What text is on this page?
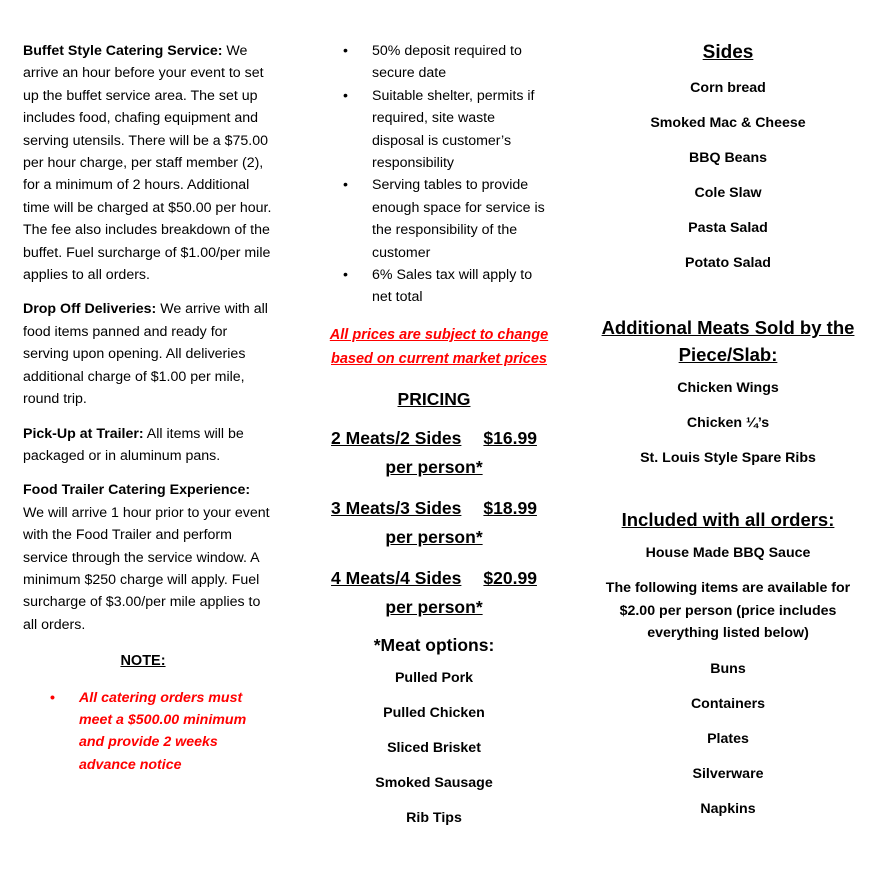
Buffet Style Catering Service: We arrive an hour before your event to set up the buffet service area. The set up includes food, chafing equipment and serving utensils. There will be a $75.00 per hour charge, per staff member (2), for a minimum of 2 hours. Additional time will be charged at $50.00 per hour. The fee also includes breakdown of the buffet. Fuel surcharge of $1.00/per mile applies to all orders.

Drop Off Deliveries: We arrive with all food items panned and ready for serving upon opening. All deliveries additional charge of $1.00 per mile, round trip.

Pick-Up at Trailer: All items will be packaged or in aluminum pans.

Food Trailer Catering Experience: We will arrive 1 hour prior to your event with the Food Trailer and perform service through the service window. A minimum $250 charge will apply. Fuel surcharge of $3.00/per mile applies to all orders.

NOTE:
• All catering orders must meet a $500.00 minimum and provide 2 weeks advance notice
• 50% deposit required to secure date
• Suitable shelter, permits if required, site waste disposal is customer’s responsibility
• Serving tables to provide enough space for service is the responsibility of the customer
• 6% Sales tax will apply to net total
All prices are subject to change based on current market prices
PRICING
2 Meats/2 Sides $16.99
per person*
3 Meats/3 Sides $18.99
per person*
4 Meats/4 Sides $20.99
per person*
*Meat options:
Pulled Pork
Pulled Chicken
Sliced Brisket
Smoked Sausage
Rib Tips
Sides
Corn bread
Smoked Mac & Cheese
BBQ Beans
Cole Slaw
Pasta Salad
Potato Salad
Additional Meats Sold by the Piece/Slab:
Chicken Wings
Chicken ¼’s
St. Louis Style Spare Ribs
Included with all orders:
House Made BBQ Sauce
The following items are available for $2.00 per person (price includes everything listed below)
Buns
Containers
Plates
Silverware
Napkins
